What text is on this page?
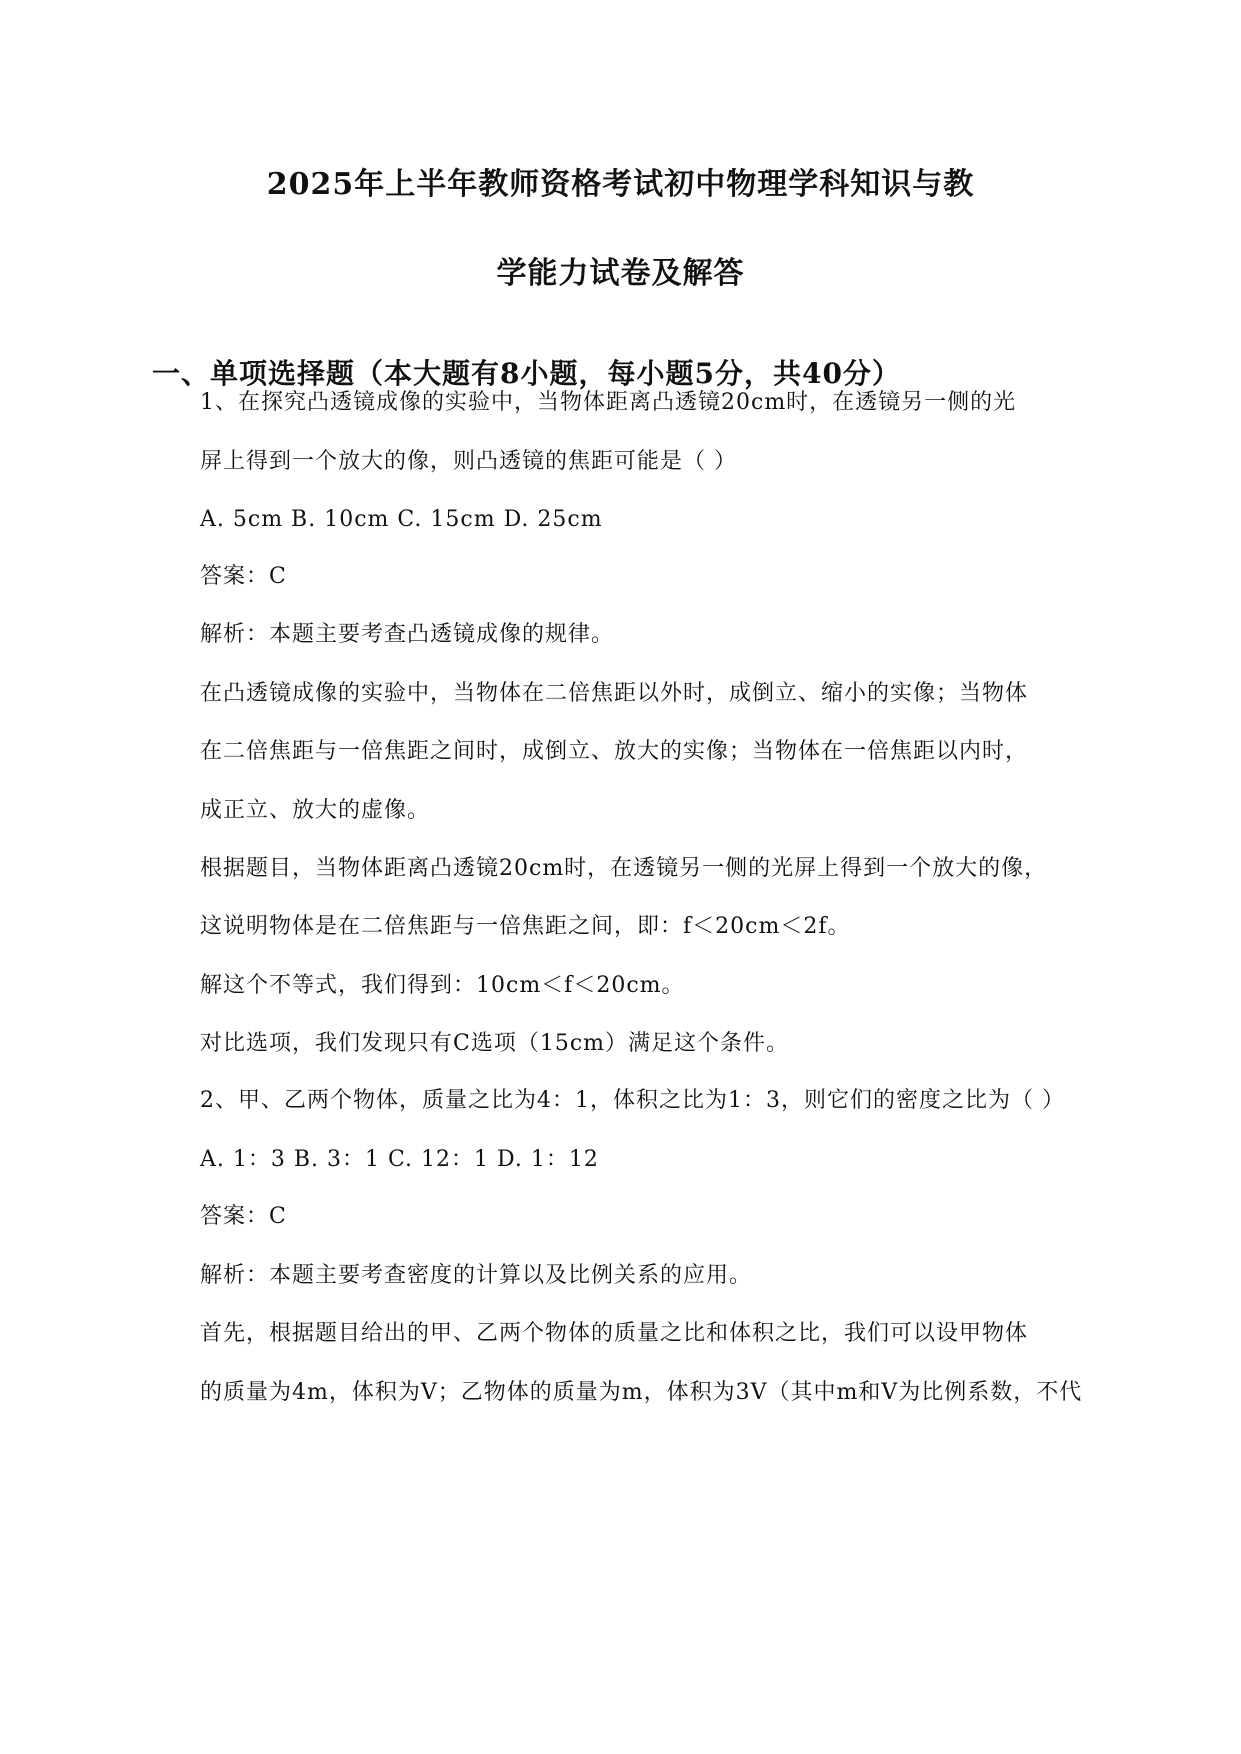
2025年上半年教师资格考试初中物理学科知识与教
学能力试卷及解答
一、单项选择题（本大题有8小题，每小题5分，共40分）
1、在探究凸透镜成像的实验中，当物体距离凸透镜20cm时，在透镜另一侧的光
屏上得到一个放大的像，则凸透镜的焦距可能是（ ）
A. 5cm B. 10cm C. 15cm D. 25cm
答案：C
解析：本题主要考查凸透镜成像的规律。
在凸透镜成像的实验中，当物体在二倍焦距以外时，成倒立、缩小的实像；当物体
在二倍焦距与一倍焦距之间时，成倒立、放大的实像；当物体在一倍焦距以内时，
成正立、放大的虚像。
根据题目，当物体距离凸透镜20cm时，在透镜另一侧的光屏上得到一个放大的像，
这说明物体是在二倍焦距与一倍焦距之间，即：f＜20cm＜2f。
解这个不等式，我们得到：10cm＜f＜20cm。
对比选项，我们发现只有C选项（15cm）满足这个条件。
2、甲、乙两个物体，质量之比为4：1，体积之比为1：3，则它们的密度之比为（ ）
A. 1：3 B. 3：1 C. 12：1 D. 1：12
答案：C
解析：本题主要考查密度的计算以及比例关系的应用。
首先，根据题目给出的甲、乙两个物体的质量之比和体积之比，我们可以设甲物体
的质量为4m，体积为V；乙物体的质量为m，体积为3V（其中m和V为比例系数，不代
